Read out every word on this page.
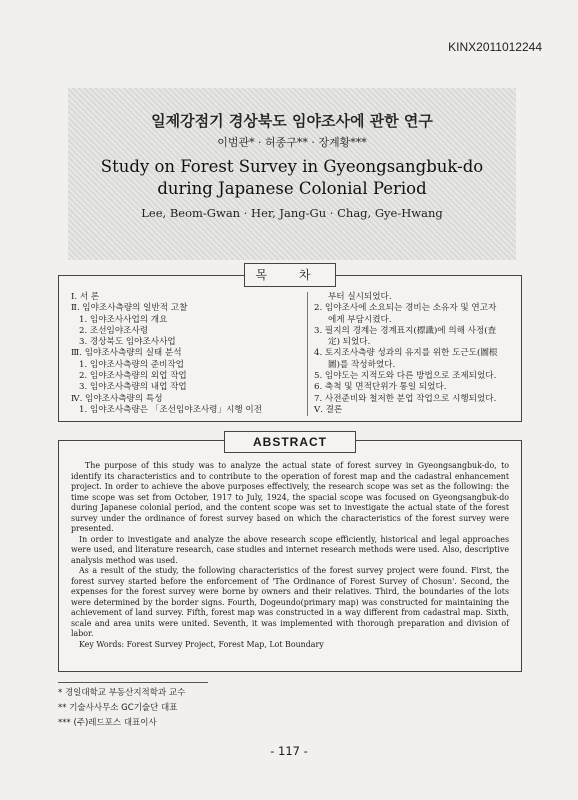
KINX2011012244
일제강점기 경상북도 임야조사에 관한 연구
이범관* · 허종구** · 장계황***
Study on Forest Survey in Gyeongsangbuk-do
during Japanese Colonial Period
Lee, Beom-Gwan · Her, Jang-Gu · Chag, Gye-Hwang
Ⅰ. 서 론
Ⅱ. 임야조사측량의 일반적 고찰
1. 임야조사사업의 개요
2. 조선임야조사령
3. 경상북도 임야조사사업
Ⅲ. 임야조사측량의 실태 분석
1. 임야조사측량의 준비작업
2. 임야조사측량의 외업 작업
3. 임야조사측량의 내업 작업
Ⅳ. 임야조사측량의 특성
1. 임야조사측량은 「조선임야조사령」시행 이전
부터 실시되었다.
2. 임야조사에 소요되는 경비는 소유자 및 연고자
에게 부담시켰다.
3. 필지의 경계는 경계표지(標識)에 의해 사정(査
定) 되었다.
4. 토지조사측량 성과의 유지를 위한 도근도(圖根
圖)를 작성하였다.
5. 임야도는 지적도와 다른 방법으로 조제되었다.
6. 축척 및 면적단위가 통일 되었다.
7. 사전준비와 철저한 분업 작업으로 시행되었다.
Ⅴ. 결론
목 차

The purpose of this study was to analyze the actual state of forest survey in Gyeongsangbuk-do, to identify its characteristics and to contribute to the operation of forest map and the cadastral enhancement project. In order to achieve the above purposes effectively, the research scope was set as the following: the time scope was set from October, 1917 to July, 1924, the spacial scope was focused on Gyeongsangbuk-do during Japanese colonial period, and the content scope was set to investigate the actual state of the forest survey under the ordinance of forest survey based on which the characteristics of the forest survey were presented.

In order to investigate and analyze the above research scope efficiently, historical and legal approaches were used, and literature research, case studies and internet research methods were used. Also, descriptive analysis method was used.

As a result of the study, the following characteristics of the forest survey project were found. First, the forest survey started before the enforcement of 'The Ordinance of Forest Survey of Chosun'. Second, the expenses for the forest survey were borne by owners and their relatives. Third, the boundaries of the lots were determined by the border signs. Fourth, Dogeundo(primary map) was constructed for maintaining the achievement of land survey. Fifth, forest map was constructed in a way different from cadastral map. Sixth, scale and area units were united. Seventh, it was implemented with thorough preparation and division of labor.

Key Words: Forest Survey Project, Forest Map, Lot Boundary

ABSTRACT
* 경일대학교 부동산지적학과 교수
** 기술사사무소 GC기술단 대표
*** (주)레드포스 대표이사
- 117 -
